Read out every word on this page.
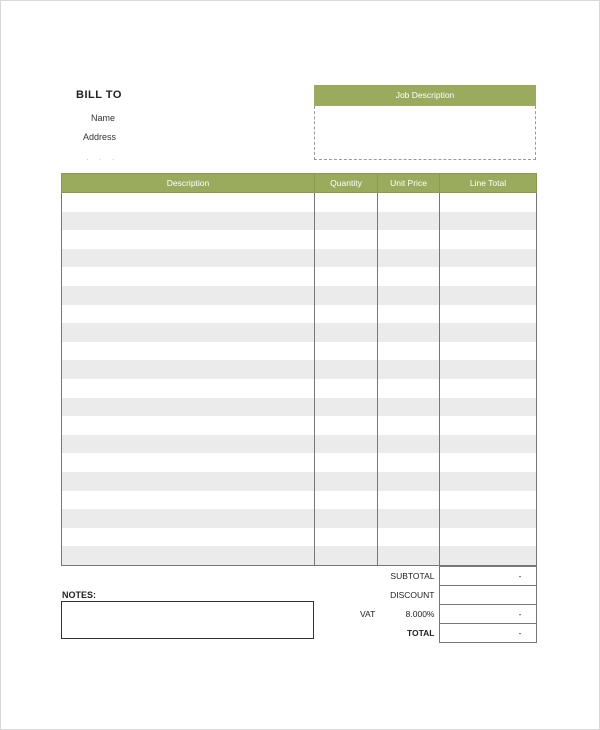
BILL TO
Name
Address
· · ·
Job Description
Description	Quantity	Unit Price	Line Total

NOTES:
SUBTOTAL	-
DISCOUNT	

VAT 8.000%	-
TOTAL	-
